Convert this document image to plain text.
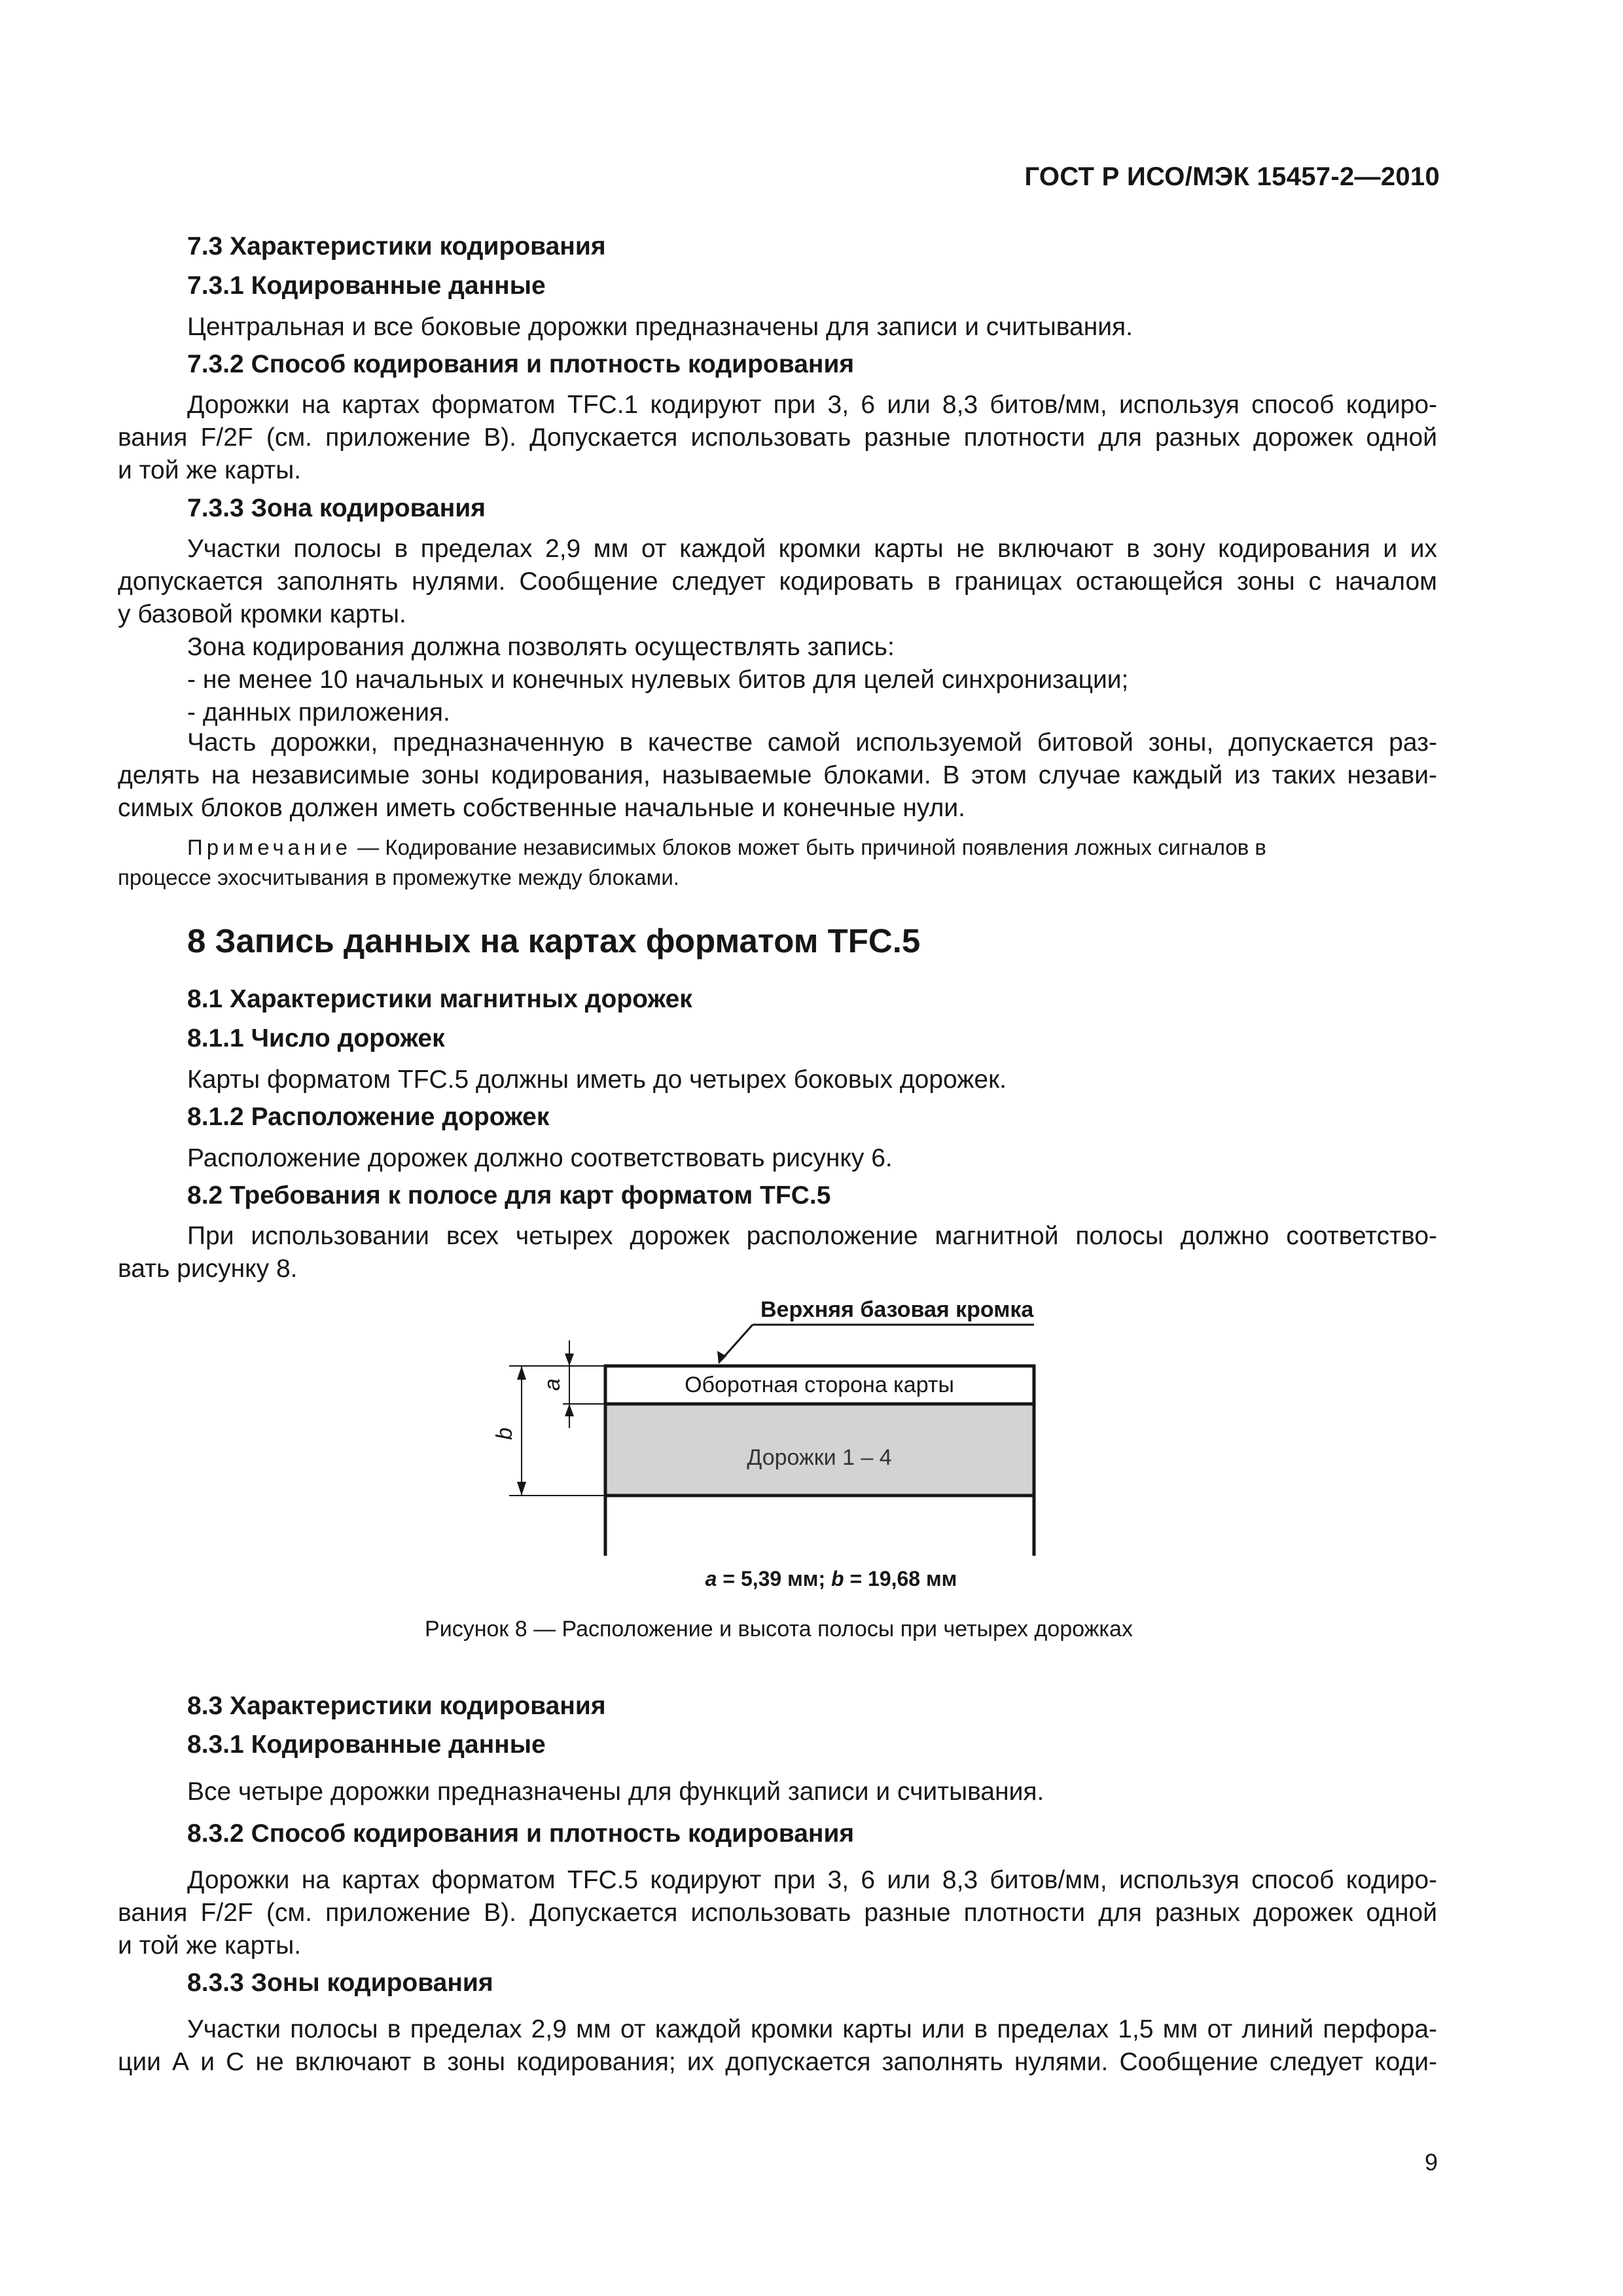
ГОСТ Р ИСО/МЭК 15457-2—2010
7.3 Характеристики кодирования
7.3.1 Кодированные данные

Центральная и все боковые дорожки предназначены для записи и считывания.

7.3.2 Способ кодирования и плотность кодирования
Дорожки на картах форматом TFC.1 кодируют при 3, 6 или 8,3 битов/мм, используя способ кодиро-
вания F/2F (см. приложение В). Допускается использовать разные плотности для разных дорожек одной
и той же карты.
7.3.3 Зона кодирования
Участки полосы в пределах 2,9 мм от каждой кромки карты не включают в зону кодирования и их
допускается заполнять нулями. Сообщение следует кодировать в границах остающейся зоны с началом
у базовой кромки карты.
Зона кодирования должна позволять осуществлять запись:
- не менее 10 начальных и конечных нулевых битов для целей синхронизации;
- данных приложения.
Часть дорожки, предназначенную в качестве самой используемой битовой зоны, допускается раз-
делять на независимые зоны кодирования, называемые блоками. В этом случае каждый из таких незави-
симых блоков должен иметь собственные начальные и конечные нули.
Примечание — Кодирование независимых блоков может быть причиной появления ложных сигналов в
процессе эхосчитывания в промежутке между блоками.
8 Запись данных на картах форматом TFC.5
8.1 Характеристики магнитных дорожек
8.1.1 Число дорожек

Карты форматом TFC.5 должны иметь до четырех боковых дорожек.

8.1.2 Расположение дорожек

Расположение дорожек должно соответствовать рисунку 6.

8.2 Требования к полосе для карт форматом TFC.5
При использовании всех четырех дорожек расположение магнитной полосы должно соответство-
вать рисунку 8.
Верхняя базовая кромка
Оборотная сторона карты
Дорожки 1 – 4
a
b
a = 5,39 мм; b = 19,68 мм
Рисунок 8 — Расположение и высота полосы при четырех дорожках
8.3 Характеристики кодирования
8.3.1 Кодированные данные

Все четыре дорожки предназначены для функций записи и считывания.

8.3.2 Способ кодирования и плотность кодирования
Дорожки на картах форматом TFC.5 кодируют при 3, 6 или 8,3 битов/мм, используя способ кодиро-
вания F/2F (см. приложение В). Допускается использовать разные плотности для разных дорожек одной
и той же карты.
8.3.3 Зоны кодирования
Участки полосы в пределах 2,9 мм от каждой кромки карты или в пределах 1,5 мм от линий перфора-
ции А и С не включают в зоны кодирования; их допускается заполнять нулями. Сообщение следует коди-
9
